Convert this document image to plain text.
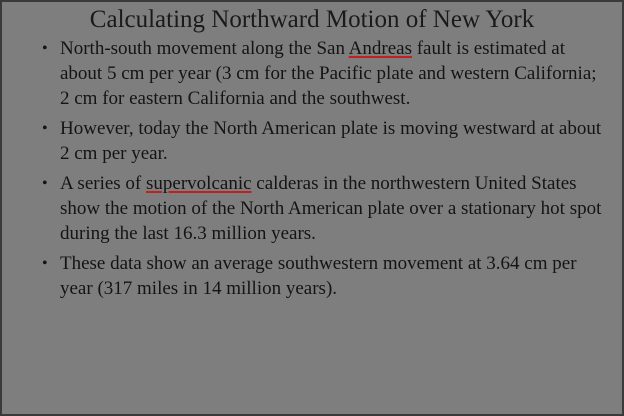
Calculating Northward Motion of New York
• North-south movement along the San Andreas fault is estimated at about 5 cm per year (3 cm for the Pacific plate and western California; 2 cm for eastern California and the southwest.
• However, today the North American plate is moving westward at about 2 cm per year.
• A series of supervolcanic calderas in the northwestern United States show the motion of the North American plate over a stationary hot spot during the last 16.3 million years.
• These data show an average southwestern movement at 3.64 cm per year (317 miles in 14 million years).
